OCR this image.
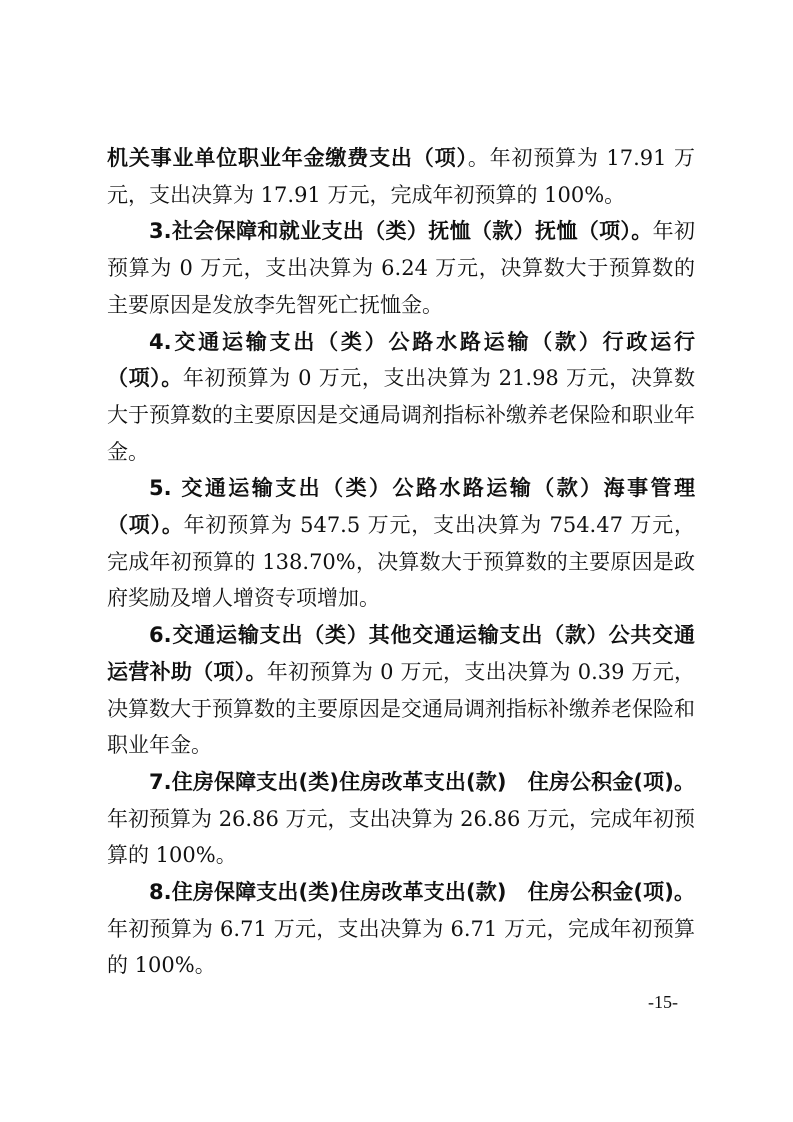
机关事业单位职业年金缴费支出（项）。年初预算为 17.91 万元，支出决算为 17.91 万元，完成年初预算的 100%。

3.社会保障和就业支出（类）抚恤（款）抚恤（项）。年初预算为 0 万元，支出决算为 6.24 万元，决算数大于预算数的主要原因是发放李先智死亡抚恤金。

4.交通运输支出（类）公路水路运输（款）行政运行（项）。年初预算为 0 万元，支出决算为 21.98 万元，决算数大于预算数的主要原因是交通局调剂指标补缴养老保险和职业年金。

5. 交通运输支出（类）公路水路运输（款）海事管理（项）。年初预算为 547.5 万元，支出决算为 754.47 万元，完成年初预算的 138.70%，决算数大于预算数的主要原因是政府奖励及增人增资专项增加。

6.交通运输支出（类）其他交通运输支出（款）公共交通运营补助（项）。年初预算为 0 万元，支出决算为 0.39 万元，决算数大于预算数的主要原因是交通局调剂指标补缴养老保险和职业年金。

7.住房保障支出(类)住房改革支出(款)　住房公积金(项)。年初预算为 26.86 万元，支出决算为 26.86 万元，完成年初预算的 100%。

8.住房保障支出(类)住房改革支出(款)　住房公积金(项)。年初预算为 6.71 万元，支出决算为 6.71 万元，完成年初预算的 100%。

-15-
